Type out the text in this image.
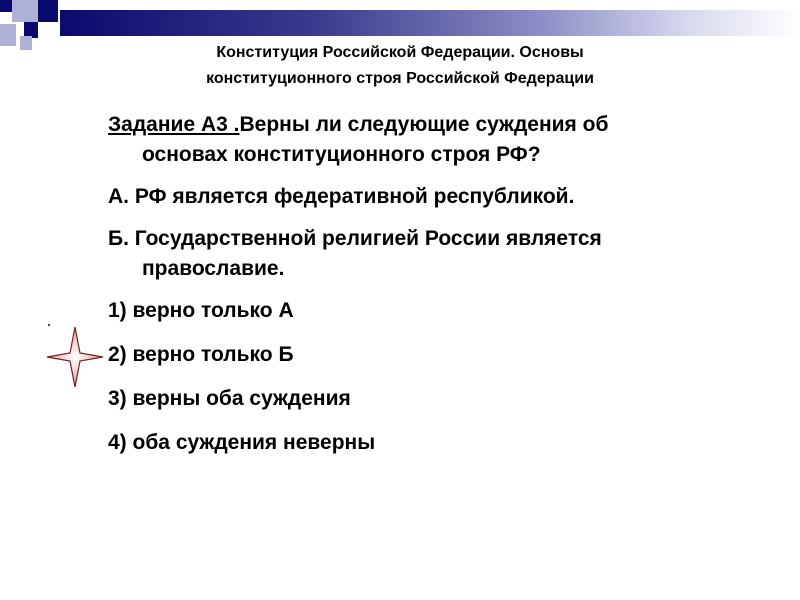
Конституция Российской Федерации. Основы
конституционного строя Российской Федерации

Задание А3 .Верны ли следующие суждения об
основах конституционного строя РФ?

А. РФ является федеративной республикой.

Б. Государственной религией России является
православие.

1) верно только А

2) верно только Б

3) верны оба суждения

4) оба суждения неверны
